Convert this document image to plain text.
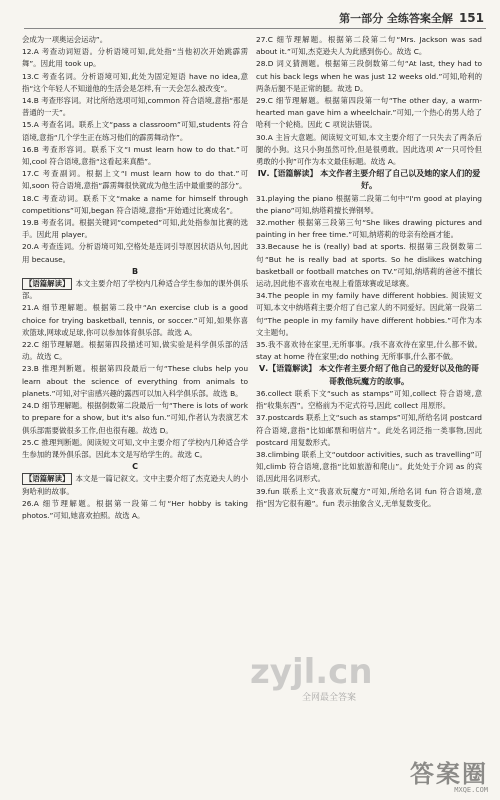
第一部分 全练答案全解 151

会成为一项奥运会运动”。

12.A 考查动词短语。分析语境可知,此处指“当他初次开始跳霹雳舞”。因此用 took up。

13.C 考查名词。分析语境可知,此处为固定短语 have no idea,意指“这个年轻人不知道他的生活会是怎样,有一天会怎么被改变”。

14.B 考查形容词。对比所给选项可知,common 符合语境,意指“那是普通的一天”。

15.A 考查名词。联系上文“pass a classroom”可知,students 符合语境,意指“几个学生正在练习他们的霹雳舞动作”。

16.B 考查形容词。联系下文“I must learn how to do that.”可知,cool 符合语境,意指“这看起来真酷”。

17.C 考查副词。根据上文“I must learn how to do that.”可知,soon 符合语境,意指“霹雳舞很快就成为他生活中最重要的部分”。

18.C 考查动词。联系下文“make a name for himself through competitions”可知,began 符合语境,意指“开始通过比赛成名”。

19.B 考查名词。根据关键词“competed”可知,此处指参加比赛的选手。因此用 player。

20.A 考查连词。分析语境可知,空格处是连词引导原因状语从句,因此用 because。

B

【语篇解读】 本文主要介绍了学校内几种适合学生参加的课外俱乐部。

21.A 细节理解题。根据第二段中“An exercise club is a good choice for trying basketball, tennis, or soccer.”可知,如果你喜欢篮球,网球或足球,你可以参加体育俱乐部。故选 A。

22.C 细节理解题。根据第四段描述可知,做实验是科学俱乐部的活动。故选 C。

23.B 推理判断题。根据第四段最后一句“These clubs help you learn about the science of everything from animals to planets.”可知,对宇宙感兴趣的露西可以加入科学俱乐部。故选 B。

24.D 细节理解题。根据倒数第二段最后一句“There is lots of work to prepare for a show, but it's also fun.”可知,作者认为表演艺术俱乐部需要做很多工作,但也很有趣。故选 D。

25.C 推理判断题。阅读短文可知,文中主要介绍了学校内几种适合学生参加的课外俱乐部。因此本文是写给学生的。故选 C。

C

【语篇解读】 本文是一篇记叙文。文中主要介绍了杰克逊夫人的小狗哈利的故事。

26.A 细节理解题。根据第一段第二句“Her hobby is taking photos.”可知,她喜欢拍照。故选 A。

27.C 细节理解题。根据第二段第二句“Mrs. Jackson was sad about it.”可知,杰克逊夫人为此感到伤心。故选 C。

28.D 词义猜测题。根据第三段倒数第二句“At last, they had to cut his back legs when he was just 12 weeks old.”可知,哈利的两条后腿不是正常的腿。故选 D。

29.C 细节理解题。根据第四段第一句“The other day, a warm-hearted man gave him a wheelchair.”可知,一个热心的男人给了哈利一个轮椅。因此 C 项说法错误。

30.A 主旨大意题。阅读短文可知,本文主要介绍了一只失去了两条后腿的小狗。这只小狗虽然可怜,但是很勇敢。因此选项 A“一只可怜但勇敢的小狗”可作为本文最佳标题。故选 A。

Ⅳ.【语篇解读】 本文作者主要介绍了自己以及她的家人们的爱好。

31.playing the piano 根据第二段第二句中“I'm good at playing the piano”可知,纳塔莉擅长弹钢琴。

32.mother 根据第三段第三句“She likes drawing pictures and painting in her free time.”可知,纳塔莉的母亲有绘画才能。

33.Because he is (really) bad at sports. 根据第三段倒数第二句“But he is really bad at sports. So he dislikes watching basketball or football matches on TV.”可知,纳塔莉的爸爸不擅长运动,因此他不喜欢在电视上看篮球赛或足球赛。

34.The people in my family have different hobbies. 阅读短文可知,本文中纳塔莉主要介绍了自己家人的不同爱好。因此第一段第二句“The people in my family have different hobbies.”可作为本文主题句。

35.我不喜欢待在家里,无所事事。/我不喜欢待在家里,什么都不做。 stay at home 待在家里;do nothing 无所事事,什么都不做。

Ⅴ.【语篇解读】 本文作者主要介绍了他自己的爱好以及他的哥哥教他玩魔方的故事。

36.collect 联系下文“such as stamps”可知,collect 符合语境,意指“收集东西”。空格前为不定式符号,因此 collect 用原形。

37.postcards 联系上文“such as stamps”可知,所给名词 postcard 符合语境,意指“比如邮票和明信片”。此处名词泛指一类事物,因此 postcard 用复数形式。

38.climbing 联系上文“outdoor activities, such as travelling”可知,climb 符合语境,意指“比如旅游和爬山”。此处处于介词 as 的宾语,因此用名词形式。

39.fun 联系上文“我喜欢玩魔方”可知,所给名词 fun 符合语境,意指“因为它很有趣”。fun 表示抽象含义,无单复数变化。

zyjl.cn
全网最全答案
答案圈
MXQE.COM
